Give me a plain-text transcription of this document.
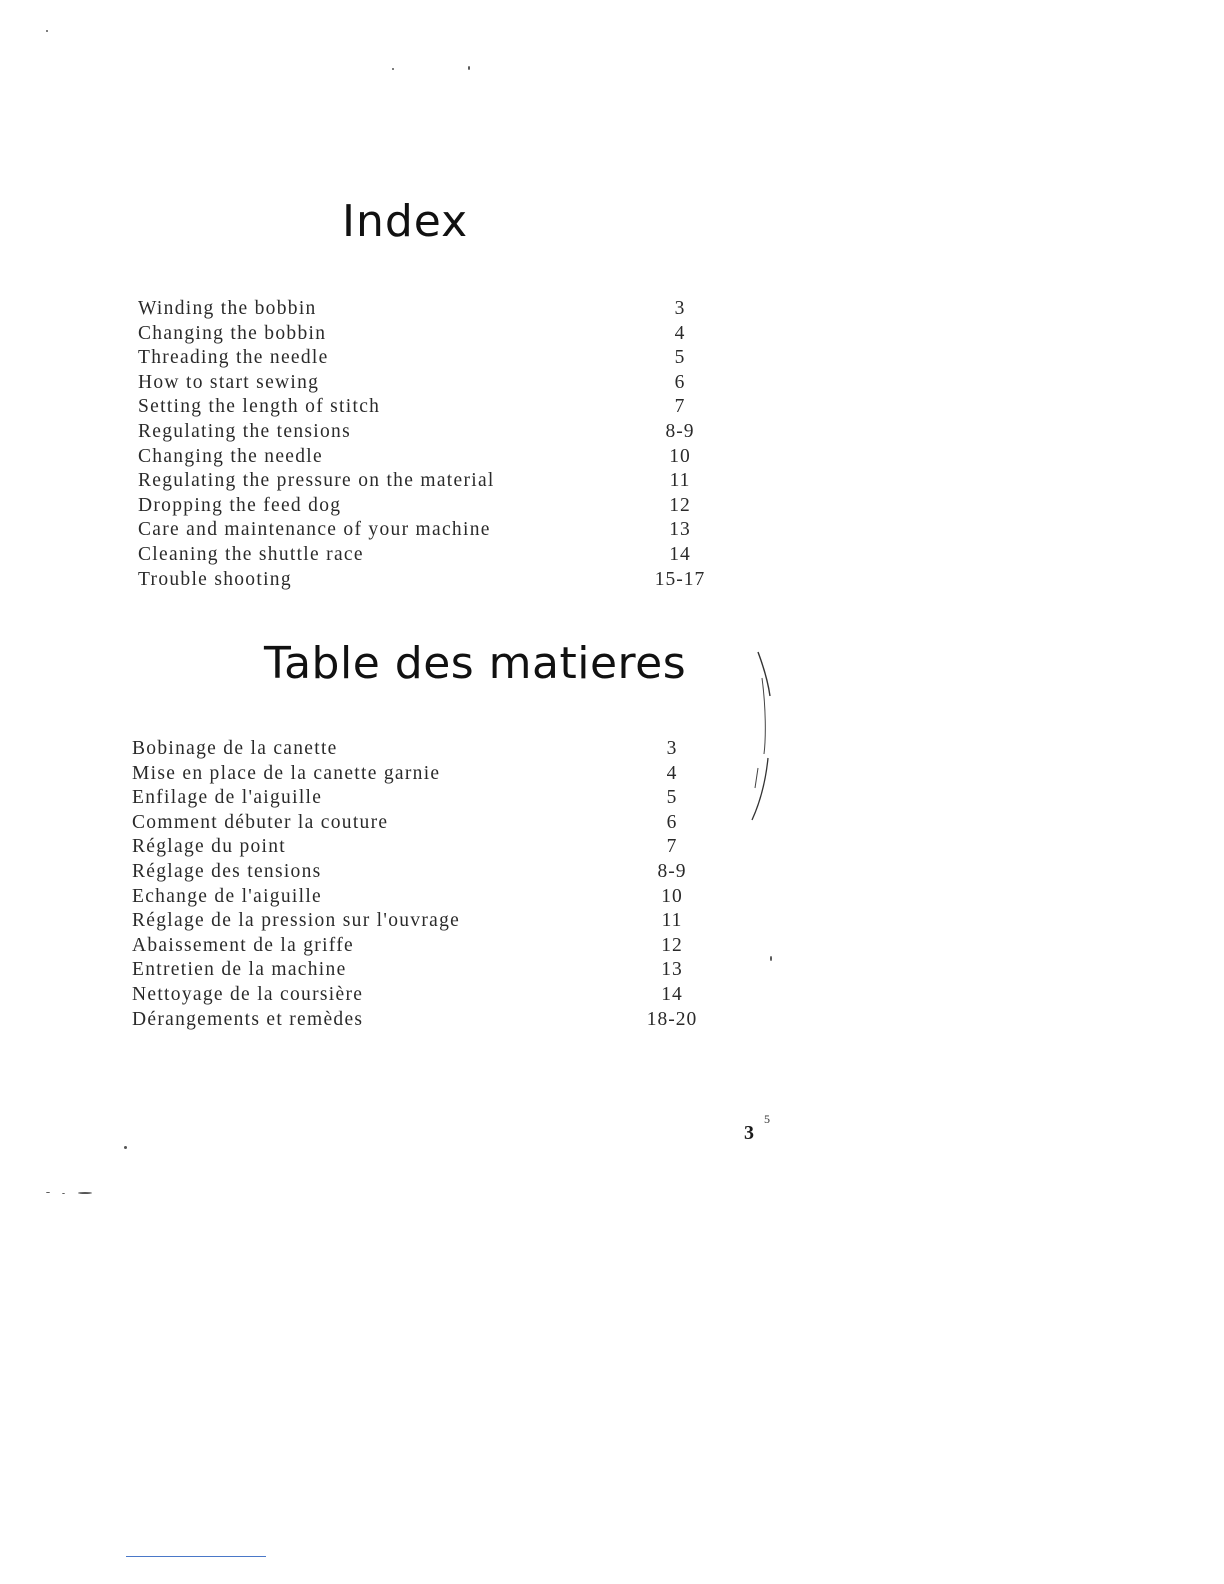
Index
Winding the bobbin	3
Changing the bobbin	4
Threading the needle	5
How to start sewing	6
Setting the length of stitch	7
Regulating the tensions	8-9
Changing the needle	10
Regulating the pressure on the material	11
Dropping the feed dog	12
Care and maintenance of your machine	13
Cleaning the shuttle race	14
Trouble shooting	15-17
Table des matieres
Bobinage de la canette	3
Mise en place de la canette garnie	4
Enfilage de l'aiguille	5
Comment débuter la couture	6
Réglage du point	7
Réglage des tensions	8-9
Echange de l'aiguille	10
Réglage de la pression sur l'ouvrage	11
Abaissement de la griffe	12
Entretien de la machine	13
Nettoyage de la coursière	14
Dérangements et remèdes	18-20
3
5
